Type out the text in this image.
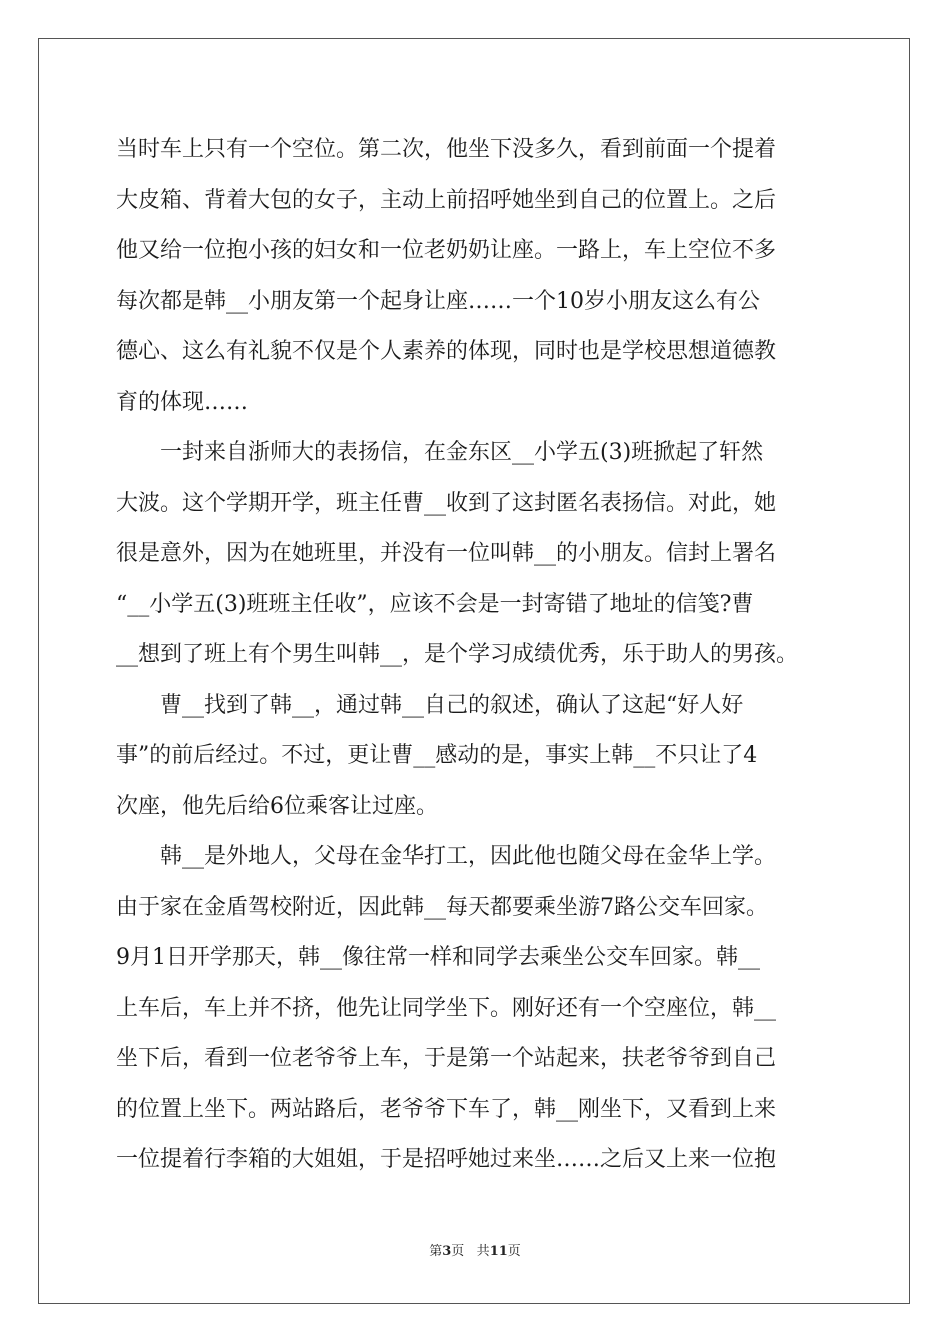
当时车上只有一个空位。第二次，他坐下没多久，看到前面一个提着
大皮箱、背着大包的女子，主动上前招呼她坐到自己的位置上。之后
他又给一位抱小孩的妇女和一位老奶奶让座。一路上，车上空位不多
每次都是韩__小朋友第一个起身让座……一个10岁小朋友这么有公
德心、这么有礼貌不仅是个人素养的体现，同时也是学校思想道德教
育的体现……
　　一封来自浙师大的表扬信，在金东区__小学五(3)班掀起了轩然
大波。这个学期开学，班主任曹__收到了这封匿名表扬信。对此，她
很是意外，因为在她班里，并没有一位叫韩__的小朋友。信封上署名
“__小学五(3)班班主任收”，应该不会是一封寄错了地址的信笺?曹
__想到了班上有个男生叫韩__，是个学习成绩优秀，乐于助人的男孩。
　　曹__找到了韩__，通过韩__自己的叙述，确认了这起“好人好
事”的前后经过。不过，更让曹__感动的是，事实上韩__不只让了4
次座，他先后给6位乘客让过座。
　　韩__是外地人，父母在金华打工，因此他也随父母在金华上学。
由于家在金盾驾校附近，因此韩__每天都要乘坐游7路公交车回家。
9月1日开学那天，韩__像往常一样和同学去乘坐公交车回家。韩__
上车后，车上并不挤，他先让同学坐下。刚好还有一个空座位，韩__
坐下后，看到一位老爷爷上车，于是第一个站起来，扶老爷爷到自己
的位置上坐下。两站路后，老爷爷下车了，韩__刚坐下，又看到上来
一位提着行李箱的大姐姐，于是招呼她过来坐……之后又上来一位抱
第3页 共11页
